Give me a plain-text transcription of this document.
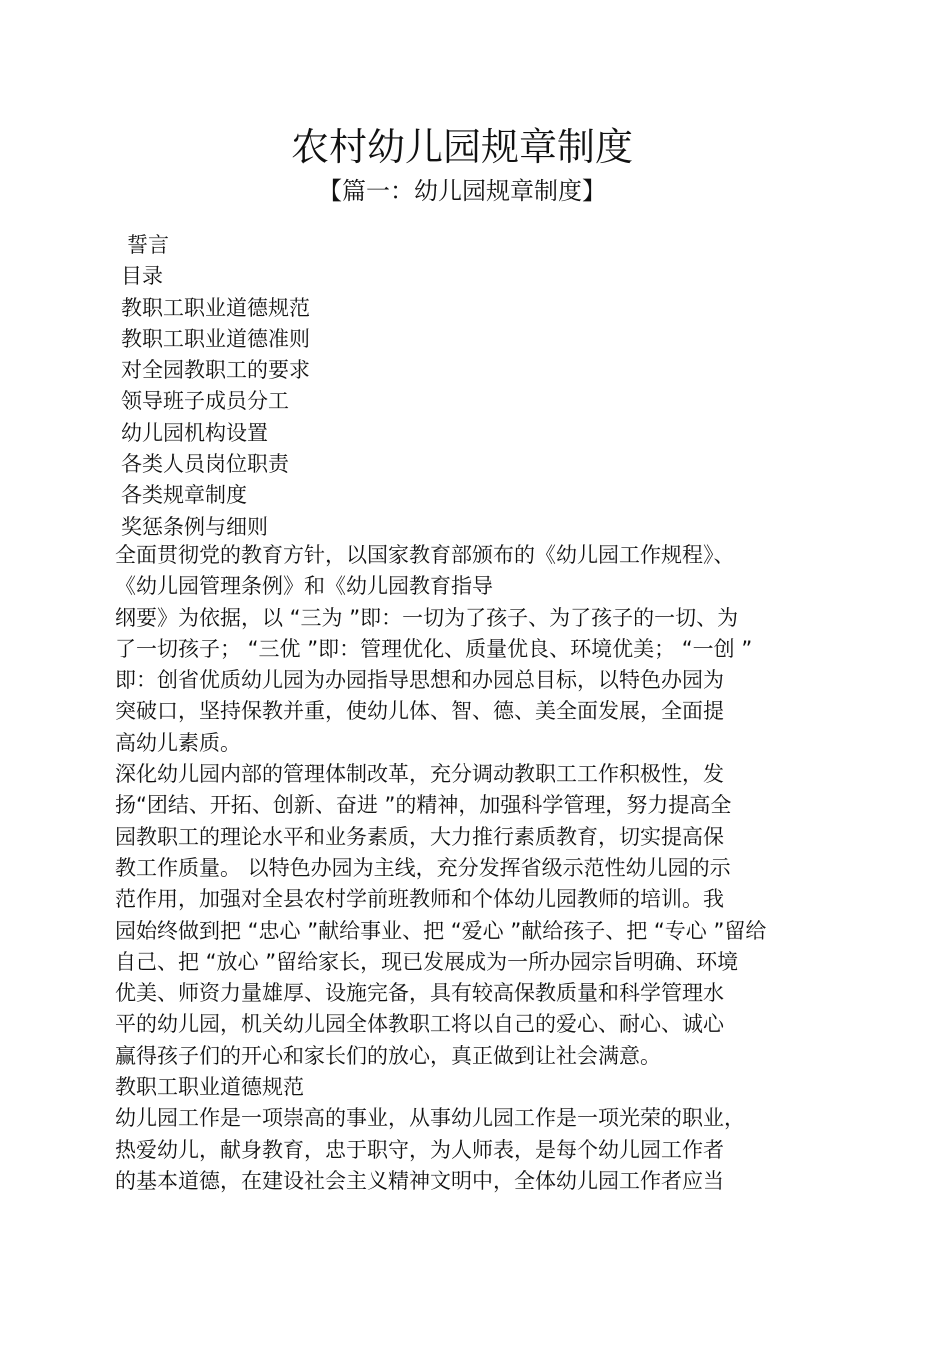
农村幼儿园规章制度
【篇一：幼儿园规章制度】
誓言
目录
教职工职业道德规范
教职工职业道德准则
对全园教职工的要求
领导班子成员分工
幼儿园机构设置
各类人员岗位职责
各类规章制度
奖惩条例与细则
全面贯彻党的教育方针，以国家教育部颁布的《幼儿园工作规程》、
《幼儿园管理条例》和《幼儿园教育指导
纲要》为依据，以 “三为 ”即：一切为了孩子、为了孩子的一切、为
了一切孩子； “三优 ”即：管理优化、质量优良、环境优美； “一创 ”
即：创省优质幼儿园为办园指导思想和办园总目标，以特色办园为
突破口，坚持保教并重，使幼儿体、智、德、美全面发展，全面提
高幼儿素质。
深化幼儿园内部的管理体制改革，充分调动教职工工作积极性，发
扬“团结、开拓、创新、奋进 ”的精神，加强科学管理，努力提高全
园教职工的理论水平和业务素质，大力推行素质教育，切实提高保
教工作质量。 以特色办园为主线，充分发挥省级示范性幼儿园的示
范作用，加强对全县农村学前班教师和个体幼儿园教师的培训。我
园始终做到把 “忠心 ”献给事业、把 “爱心 ”献给孩子、把 “专心 ”留给
自己、把 “放心 ”留给家长，现已发展成为一所办园宗旨明确、环境
优美、师资力量雄厚、设施完备，具有较高保教质量和科学管理水
平的幼儿园，机关幼儿园全体教职工将以自己的爱心、耐心、诚心
赢得孩子们的开心和家长们的放心，真正做到让社会满意。
教职工职业道德规范
幼儿园工作是一项崇高的事业，从事幼儿园工作是一项光荣的职业，
热爱幼儿，献身教育，忠于职守，为人师表，是每个幼儿园工作者
的基本道德，在建设社会主义精神文明中，全体幼儿园工作者应当
